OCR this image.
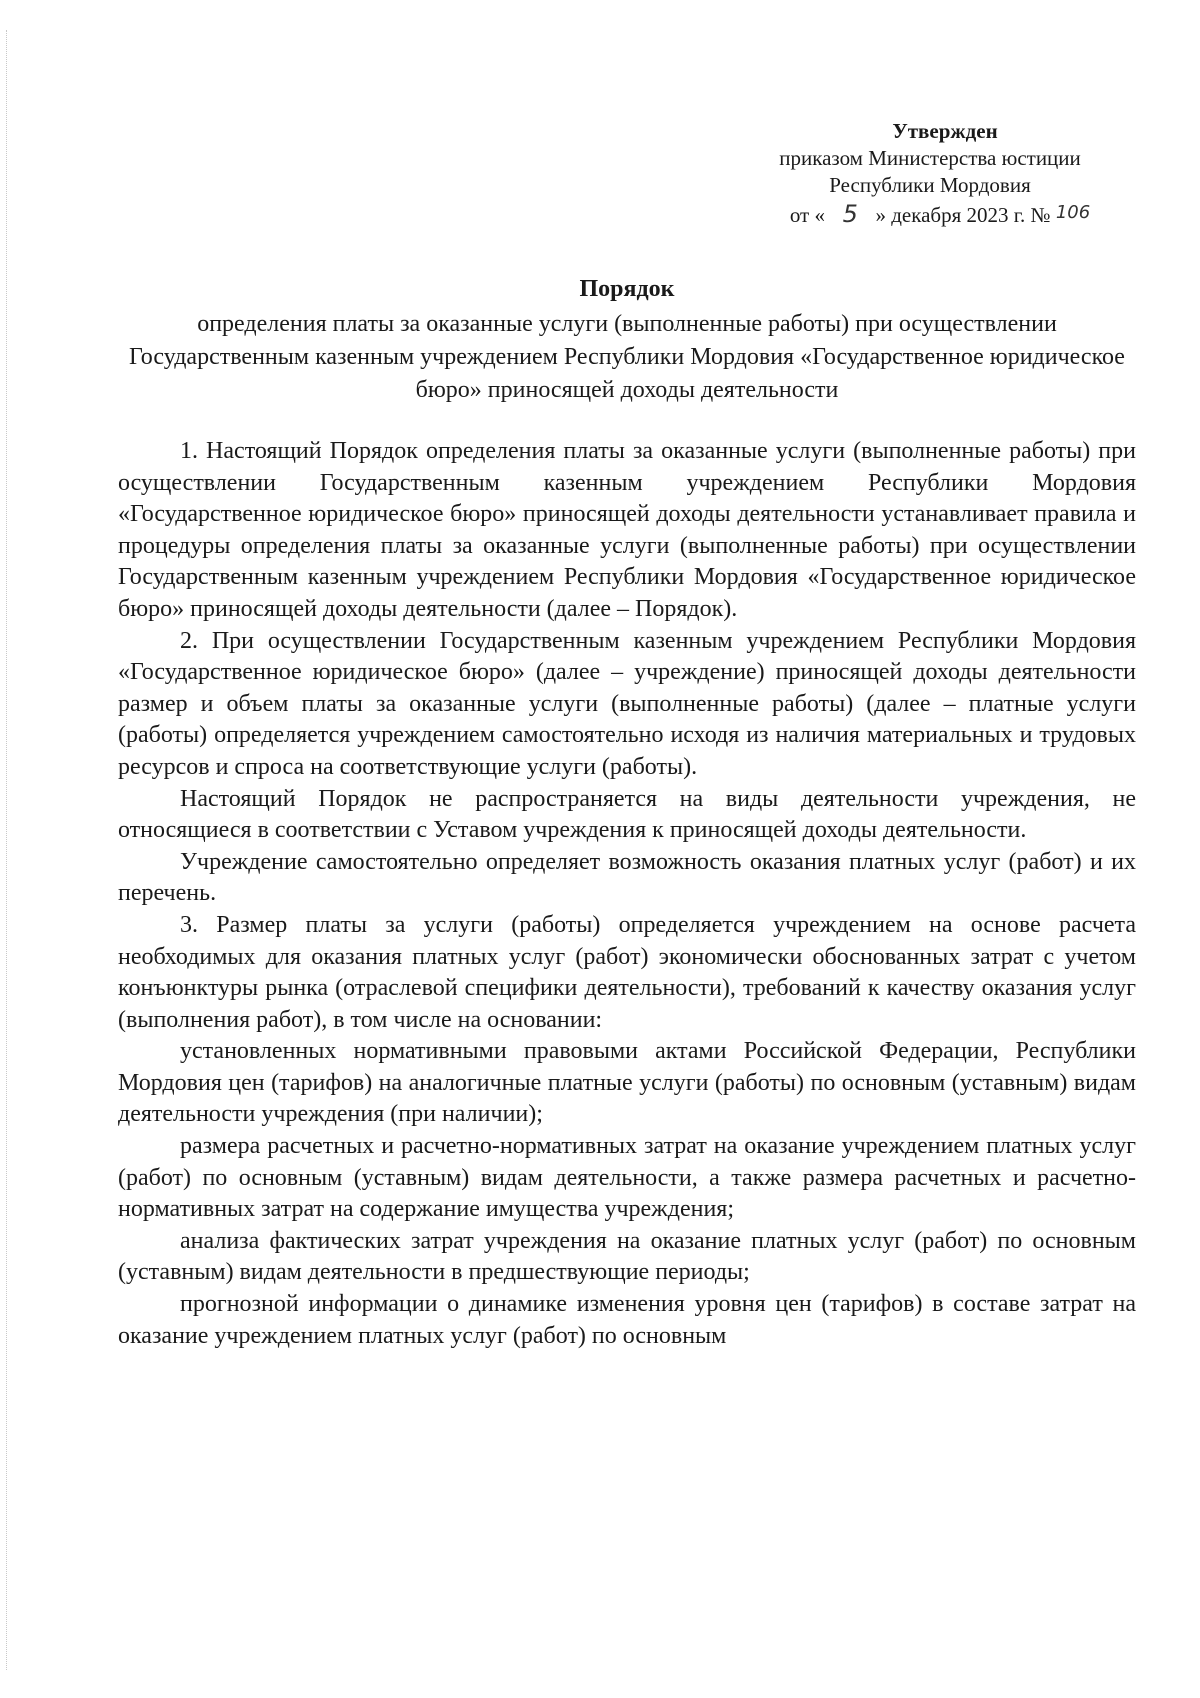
Утвержден
приказом Министерства юстиции
Республики Мордовия
от « 5 » декабря 2023 г. № 106
Порядок
определения платы за оказанные услуги (выполненные работы) при осуществлении Государственным казенным учреждением Республики Мордовия «Государственное юридическое бюро» приносящей доходы деятельности

1. Настоящий Порядок определения платы за оказанные услуги (выполненные работы) при осуществлении Государственным казенным учреждением Республики Мордовия «Государственное юридическое бюро» приносящей доходы деятельности устанавливает правила и процедуры определения платы за оказанные услуги (выполненные работы) при осуществлении Государственным казенным учреждением Республики Мордовия «Государственное юридическое бюро» приносящей доходы деятельности (далее – Порядок).

2. При осуществлении Государственным казенным учреждением Республики Мордовия «Государственное юридическое бюро» (далее – учреждение) приносящей доходы деятельности размер и объем платы за оказанные услуги (выполненные работы) (далее – платные услуги (работы) определяется учреждением самостоятельно исходя из наличия материальных и трудовых ресурсов и спроса на соответствующие услуги (работы).

Настоящий Порядок не распространяется на виды деятельности учреждения, не относящиеся в соответствии с Уставом учреждения к приносящей доходы деятельности.

Учреждение самостоятельно определяет возможность оказания платных услуг (работ) и их перечень.

3. Размер платы за услуги (работы) определяется учреждением на основе расчета необходимых для оказания платных услуг (работ) экономически обоснованных затрат с учетом конъюнктуры рынка (отраслевой специфики деятельности), требований к качеству оказания услуг (выполнения работ), в том числе на основании:

установленных нормативными правовыми актами Российской Федерации, Республики Мордовия цен (тарифов) на аналогичные платные услуги (работы) по основным (уставным) видам деятельности учреждения (при наличии);

размера расчетных и расчетно-нормативных затрат на оказание учреждением платных услуг (работ) по основным (уставным) видам деятельности, а также размера расчетных и расчетно-нормативных затрат на содержание имущества учреждения;

анализа фактических затрат учреждения на оказание платных услуг (работ) по основным (уставным) видам деятельности в предшествующие периоды;

прогнозной информации о динамике изменения уровня цен (тарифов) в составе затрат на оказание учреждением платных услуг (работ) по основным
